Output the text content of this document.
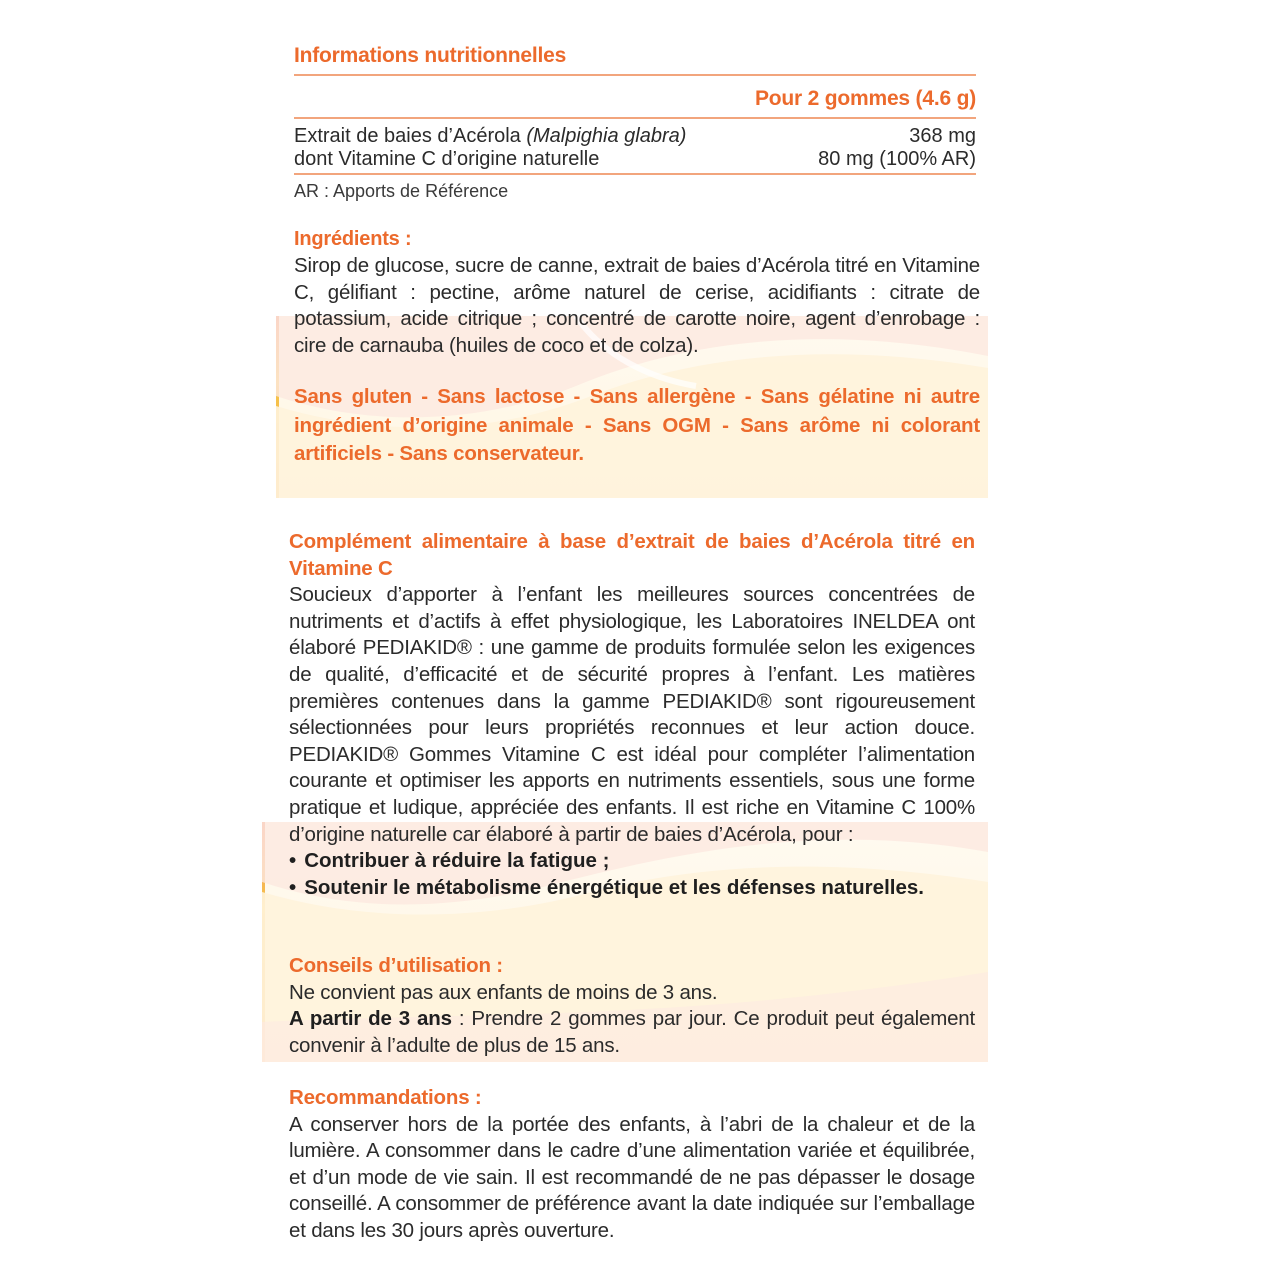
Informations nutritionnelles
Pour 2 gommes (4.6 g)
Extrait de baies d’Acérola (Malpighia glabra)	368 mg
dont Vitamine C d’origine naturelle	80 mg (100% AR)
AR : Apports de Référence
Ingrédients :

Sirop de glucose, sucre de canne, extrait de baies d’Acérola titré en Vitamine C, gélifiant : pectine, arôme naturel de cerise, acidifiants : citrate de potassium, acide citrique ; concentré de carotte noire, agent d’enrobage : cire de carnauba (huiles de coco et de colza).

Sans gluten - Sans lactose - Sans allergène - Sans gélatine ni autre ingrédient d’origine animale - Sans OGM - Sans arôme ni colorant artificiels - Sans conservateur.
Complément alimentaire à base d’extrait de baies d’Acérola titré en Vitamine C

Soucieux d’apporter à l’enfant les meilleures sources concentrées de nutriments et d’actifs à effet physiologique, les Laboratoires INELDEA ont élaboré PEDIAKID® : une gamme de produits formulée selon les exigences de qualité, d’efficacité et de sécurité propres à l’enfant. Les matières premières contenues dans la gamme PEDIAKID® sont rigoureusement sélectionnées pour leurs propriétés reconnues et leur action douce. PEDIAKID® Gommes Vitamine C est idéal pour compléter l’alimentation courante et optimiser les apports en nutriments essentiels, sous une forme pratique et ludique, appréciée des enfants. Il est riche en Vitamine C 100% d’origine naturelle car élaboré à partir de baies d’Acérola, pour :

• Contribuer à réduire la fatigue ;
• Soutenir le métabolisme énergétique et les défenses naturelles.
Conseils d’utilisation :
Ne convient pas aux enfants de moins de 3 ans.
A partir de 3 ans : Prendre 2 gommes par jour. Ce produit peut également convenir à l’adulte de plus de 15 ans.
Recommandations :

A conserver hors de la portée des enfants, à l’abri de la chaleur et de la lumière. A consommer dans le cadre d’une alimentation variée et équilibrée, et d’un mode de vie sain. Il est recommandé de ne pas dépasser le dosage conseillé. A consommer de préférence avant la date indiquée sur l’emballage et dans les 30 jours après ouverture.
